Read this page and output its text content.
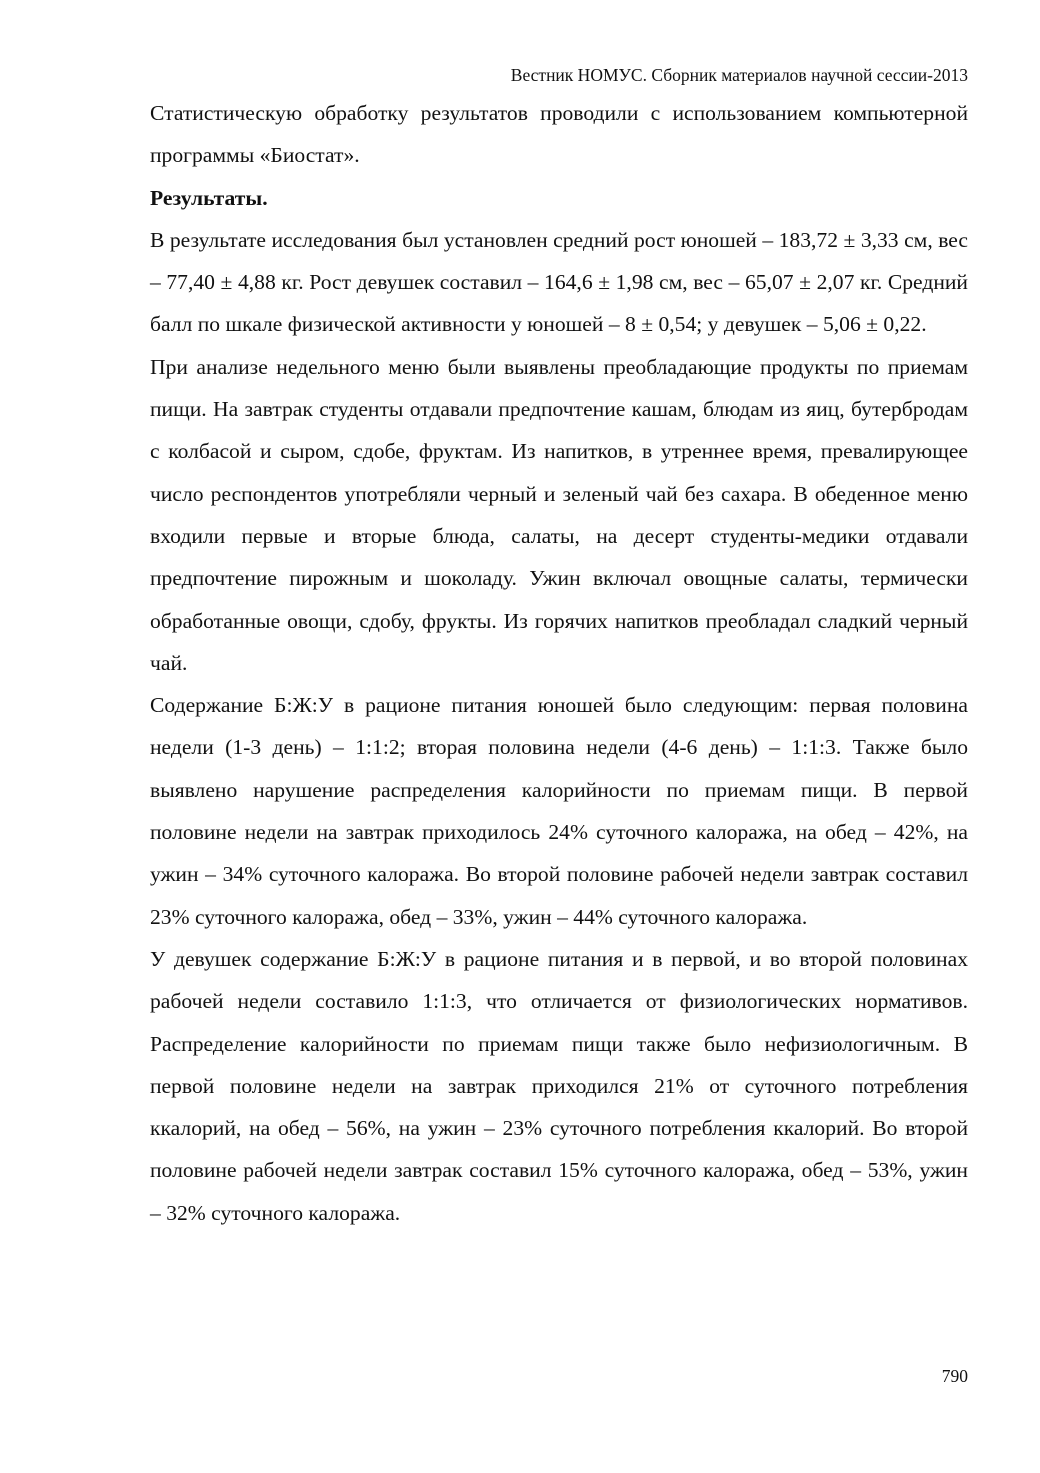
Вестник НОМУС. Сборник материалов научной сессии-2013

Статистическую обработку результатов проводили с использованием компьютерной программы «Биостат».

Результаты.

В результате исследования был установлен средний рост юношей – 183,72 ± 3,33 см, вес – 77,40 ± 4,88 кг. Рост девушек составил – 164,6 ± 1,98 см, вес – 65,07 ± 2,07 кг. Средний балл по шкале физической активности у юношей – 8 ± 0,54; у девушек – 5,06 ± 0,22.

При анализе недельного меню были выявлены преобладающие продукты по приемам пищи. На завтрак студенты отдавали предпочтение кашам, блюдам из яиц, бутербродам с колбасой и сыром, сдобе, фруктам. Из напитков, в утреннее время, превалирующее число респондентов употребляли черный и зеленый чай без сахара. В обеденное меню входили первые и вторые блюда, салаты, на десерт студенты-медики отдавали предпочтение пирожным и шоколаду. Ужин включал овощные салаты, термически обработанные овощи, сдобу, фрукты. Из горячих напитков преобладал сладкий черный чай.

Содержание Б:Ж:У в рационе питания юношей было следующим: первая половина недели (1-3 день) – 1:1:2; вторая половина недели (4-6 день) – 1:1:3. Также было выявлено нарушение распределения калорийности по приемам пищи. В первой половине недели на завтрак приходилось 24% суточного калоража, на обед – 42%, на ужин – 34% суточного калоража. Во второй половине рабочей недели завтрак составил 23% суточного калоража, обед – 33%, ужин – 44% суточного калоража.

У девушек содержание Б:Ж:У в рационе питания и в первой, и во второй половинах рабочей недели составило 1:1:3, что отличается от физиологических нормативов. Распределение калорийности по приемам пищи также было нефизиологичным. В первой половине недели на завтрак приходился 21% от суточного потребления ккалорий, на обед – 56%, на ужин – 23% суточного потребления ккалорий. Во второй половине рабочей недели завтрак составил 15% суточного калоража, обед – 53%, ужин – 32% суточного калоража.

790
